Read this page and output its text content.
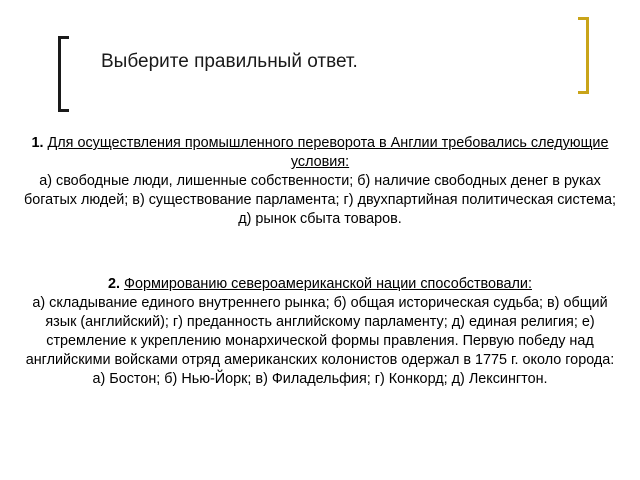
Выберите правильный ответ.
1. Для осуществления промышленного переворота в Англии требовались следующие условия:
а) свободные люди, лишенные собственности; б) наличие свободных денег в руках богатых людей; в) существование парламента; г) двухпартийная политическая система; д) рынок сбыта товаров.
2. Формированию североамериканской нации способствовали:
а) складывание единого внутреннего рынка; б) общая историческая судьба; в) общий язык (английский); г) преданность английскому парламенту; д) единая религия; е) стремление к укреплению монархической формы правления. Первую победу над английскими войсками отряд американских колонистов одержал в 1775 г. около города:
а) Бостон; б) Нью-Йорк; в) Филадельфия; г) Конкорд; д) Лексингтон.
